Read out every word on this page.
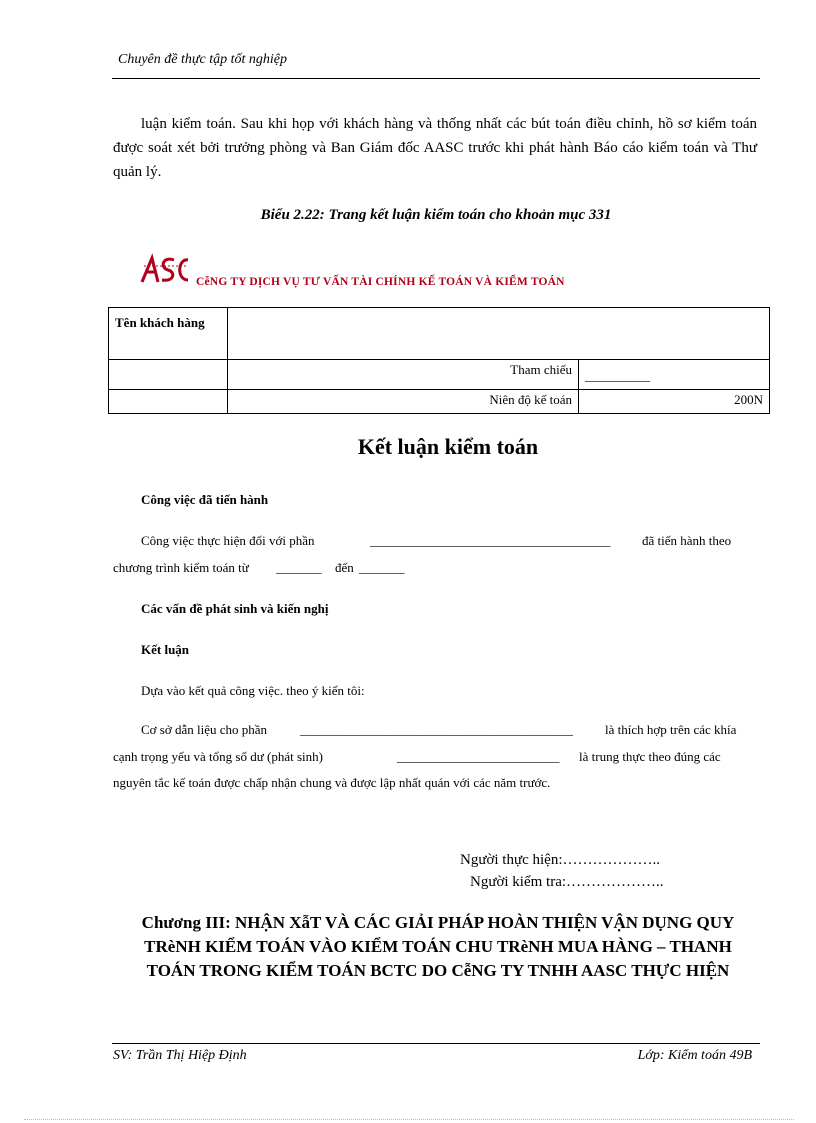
Chuyên đề thực tập tốt nghiệp
luận kiểm toán. Sau khi họp với khách hàng và thống nhất các bút toán điều chỉnh, hồ sơ kiểm toán được soát xét bởi trưởng phòng và Ban Giám đốc AASC trước khi phát hành Báo cáo kiểm toán và Thư quản lý.
Biểu 2.22: Trang kết luận kiểm toán cho khoản mục 331
CễNG TY DỊCH VỤ TƯ VẤN TÀI CHÍNH KẾ TOÁN VÀ KIỂM TOÁN
Tên khách hàng		
	Tham chiếu	__________
	Niên độ kế toán	200N
Kết luận kiểm toán
Công việc đã tiến hành
Công việc thực hiện đối với phần	_____________________________________ đã tiến hành theo
chương trình kiểm toán từ _______ đến _______
Các vấn đề phát sinh và kiến nghị
Kết luận
Dựa vào kết quả công việc. theo ý kiến tôi:
Cơ sở dẫn liệu cho phần	__________________________________________ là thích hợp trên các khía
cạnh trọng yếu và tổng số dư (phát sinh)	_________________________ là trung thực theo đúng các
nguyên tắc kế toán được chấp nhận chung và được lập nhất quán với các năm trước.
Người thực hiện:………………..
Người kiểm tra:………………..
Chương III: NHẬN XẫT VÀ CÁC GIẢI PHÁP HOÀN THIỆN VẬN DỤNG QUY TRèNH KIỂM TOÁN VÀO KIỂM TOÁN CHU TRèNH MUA HÀNG – THANH TOÁN TRONG KIỂM TOÁN BCTC DO CễNG TY TNHH AASC THỰC HIỆN
SV: Trần Thị Hiệp Định	Lớp: Kiểm toán 49B
